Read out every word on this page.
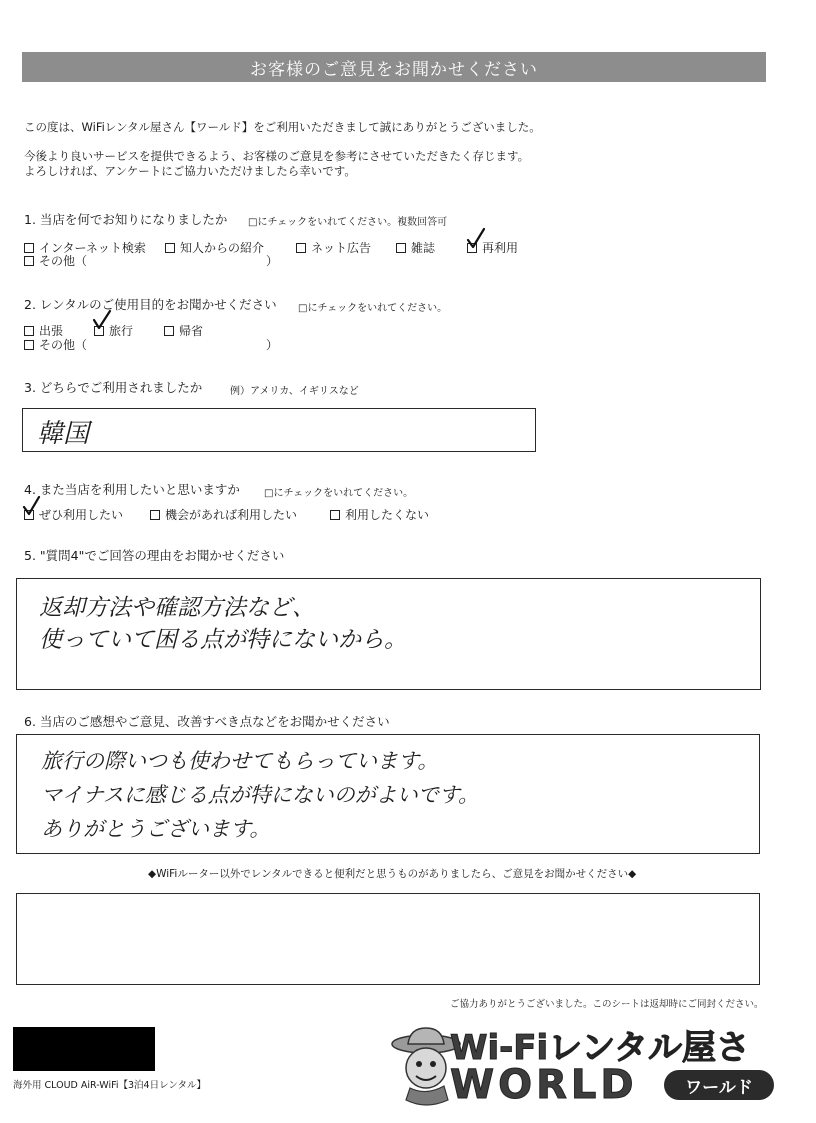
お客様のご意見をお聞かせください
この度は、WiFiレンタル屋さん【ワールド】をご利用いただきまして誠にありがとうございました。
今後より良いサービスを提供できるよう、お客様のご意見を参考にさせていただきたく存じます。
よろしければ、アンケートにご協力いただけましたら幸いです。
1. 当店を何でお知りになりましたか □にチェックをいれてください。複数回答可
インターネット検索	知人からの紹介	ネット広告	雑誌	再利用
その他（	）
2. レンタルのご使用目的をお聞かせください □にチェックをいれてください。
出張	旅行	帰省
その他（	）
3. どちらでご利用されましたか	例）アメリカ、イギリスなど
韓国
4. また当店を利用したいと思いますか □にチェックをいれてください。
ぜひ利用したい	機会があれば利用したい	利用したくない
5. "質問4"でご回答の理由をお聞かせください
返却方法や確認方法など、
使っていて困る点が特にないから。
6. 当店のご感想やご意見、改善すべき点などをお聞かせください
旅行の際いつも使わせてもらっています。
マイナスに感じる点が特にないのがよいです。
ありがとうございます。
◆WiFiルーター以外でレンタルできると便利だと思うものがありましたら、ご意見をお聞かせください◆
ご協力ありがとうございました。このシートは返却時にご同封ください。
海外用 CLOUD AiR-WiFi【3泊4日レンタル】
Wi-Fiレンタル屋さ
WORLD	ワールド
